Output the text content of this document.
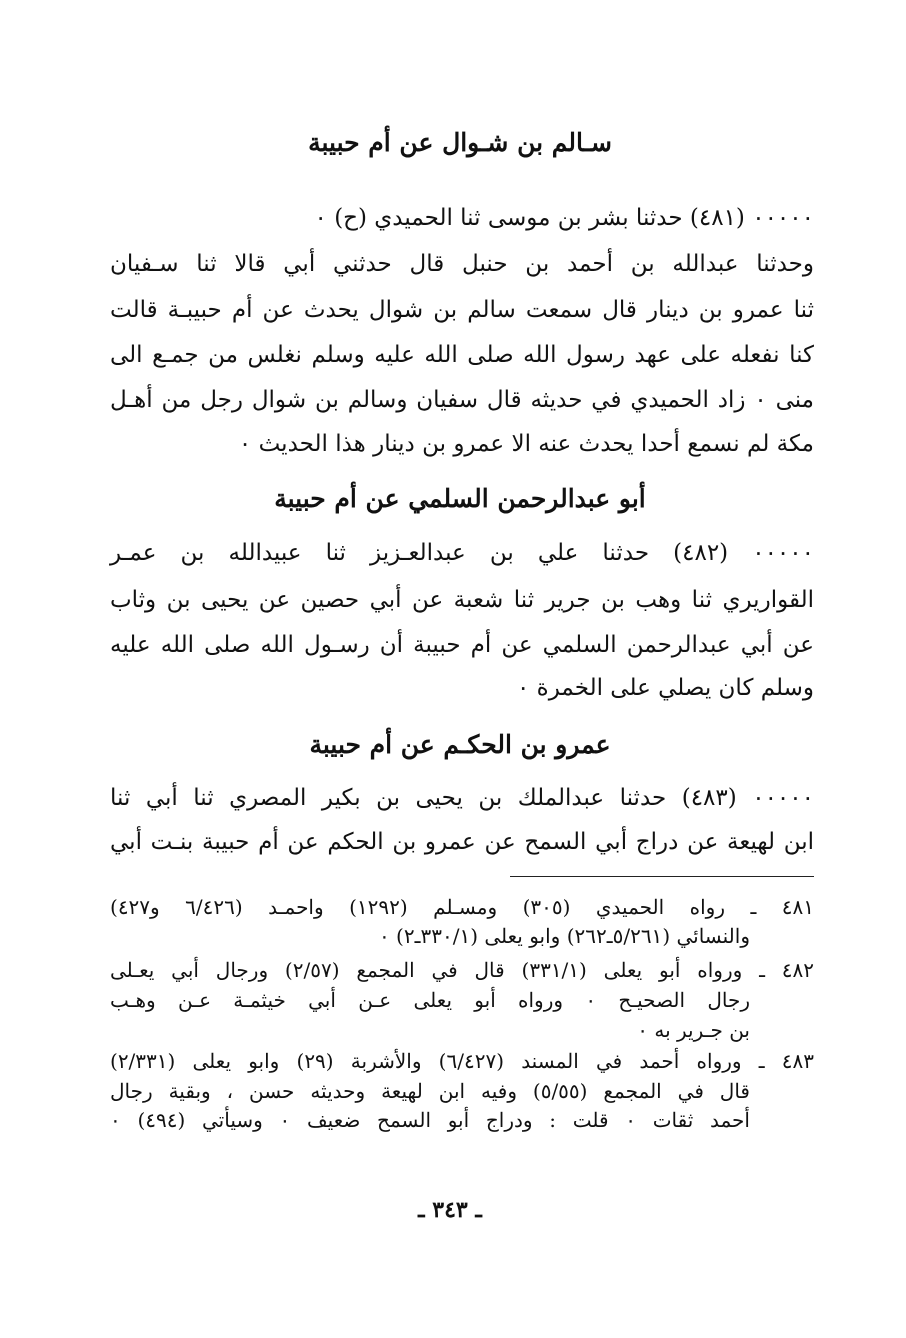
سـالم بن شـوال عن أم حبيبة
٠٠٠٠٠ (٤٨١) حدثنا بشر بن موسى ثنا الحميدي (ح) ٠
وحدثنا عبدالله بن أحمد بن حنبل قال حدثني أبي قالا ثنا سـفيان
ثنا عمرو بن دينار قال سمعت سالم بن شوال يحدث عن أم حبيبـة قالت
كنا نفعله على عهد رسول الله صلى الله عليه وسلم نغلس من جمـع الى
منى ٠ زاد الحميدي في حديثه قال سفيان وسالم بن شوال رجل من أهـل
مكة لم نسمع أحدا يحدث عنه الا عمرو بن دينار هذا الحديث ٠
أبو عبدالرحمن السلمي عن أم حبيبة
٠٠٠٠٠ (٤٨٢) حدثنا علي بن عبدالعـزيز ثنا عبيدالله بن عمـر
القواريري ثنا وهب بن جرير ثنا شعبة عن أبي حصين عن يحيى بن وثاب
عن أبي عبدالرحمن السلمي عن أم حبيبة أن رسـول الله صلى الله عليه
وسلم كان يصلي على الخمرة ٠
عمرو بن الحكـم عن أم حبيبة
٠٠٠٠٠ (٤٨٣) حدثنا عبدالملك بن يحيى بن بكير المصري ثنا أبي ثنا
ابن لهيعة عن دراج أبي السمح عن عمرو بن الحكم عن أم حبيبة بنـت أبي
٤٨١ ـ رواه الحميدي (٣٠٥) ومسـلم (١٢٩٢) واحمـد (٦/٤٢٦ و٤٢٧)
والنسائي (٥/٢٦١ـ٢٦٢) وابو يعلى (٣٣٠/١ـ٢) ٠
٤٨٢ ـ ورواه أبو يعلى (٣٣١/١) قال في المجمع (٢/٥٧) ورجال أبي يعـلى
رجال الصحيـح ٠ ورواه أبو يعلى عـن أبي خيثمـة عـن وهـب
بن جـرير به ٠
٤٨٣ ـ ورواه أحمد في المسند (٦/٤٢٧) والأشربة (٢٩) وابو يعلى (٢/٣٣١)
قال في المجمع (٥/٥٥) وفيه ابن لهيعة وحديثه حسن ، وبقية رجال
أحمد ثقات ٠ قلت : ودراج أبو السمح ضعيف ٠ وسيأتي (٤٩٤) ٠
ـ ٣٤٣ ـ
